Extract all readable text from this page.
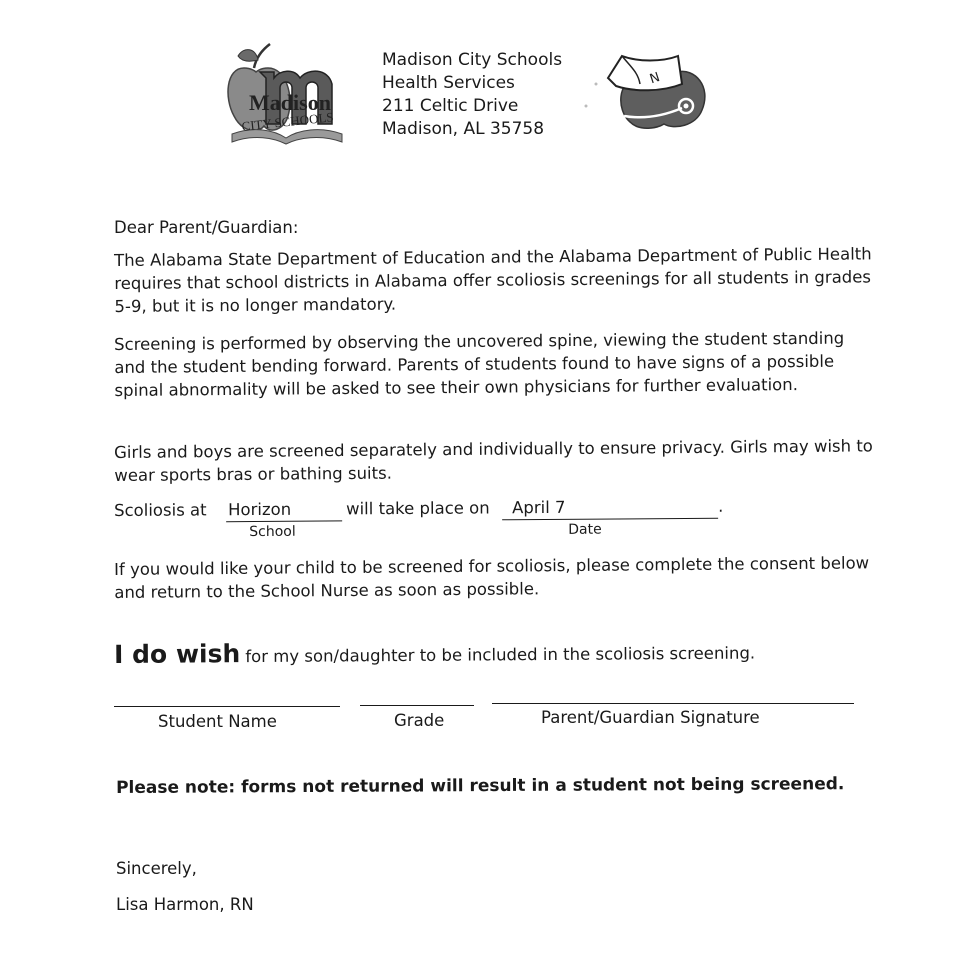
Madison
CITY SCHOOLS
Madison City Schools
Health Services
211 Celtic Drive
Madison, AL 35758
N
Dear Parent/Guardian:
The Alabama State Department of Education and the Alabama Department of Public Health requires that school districts in Alabama offer scoliosis screenings for all students in grades 5-9, but it is no longer mandatory.
Screening is performed by observing the uncovered spine, viewing the student standing and the student bending forward. Parents of students found to have signs of a possible spinal abnormality will be asked to see their own physicians for further evaluation.
Girls and boys are screened separately and individually to ensure privacy. Girls may wish to wear sports bras or bathing suits.
Scoliosis at Horizon	will take place on	April 7	.
School	Date
If you would like your child to be screened for scoliosis, please complete the consent below and return to the School Nurse as soon as possible.
I do wish for my son/daughter to be included in the scoliosis screening.
Student Name	Grade	Parent/Guardian Signature
Please note: forms not returned will result in a student not being screened.
Sincerely,
Lisa Harmon, RN
